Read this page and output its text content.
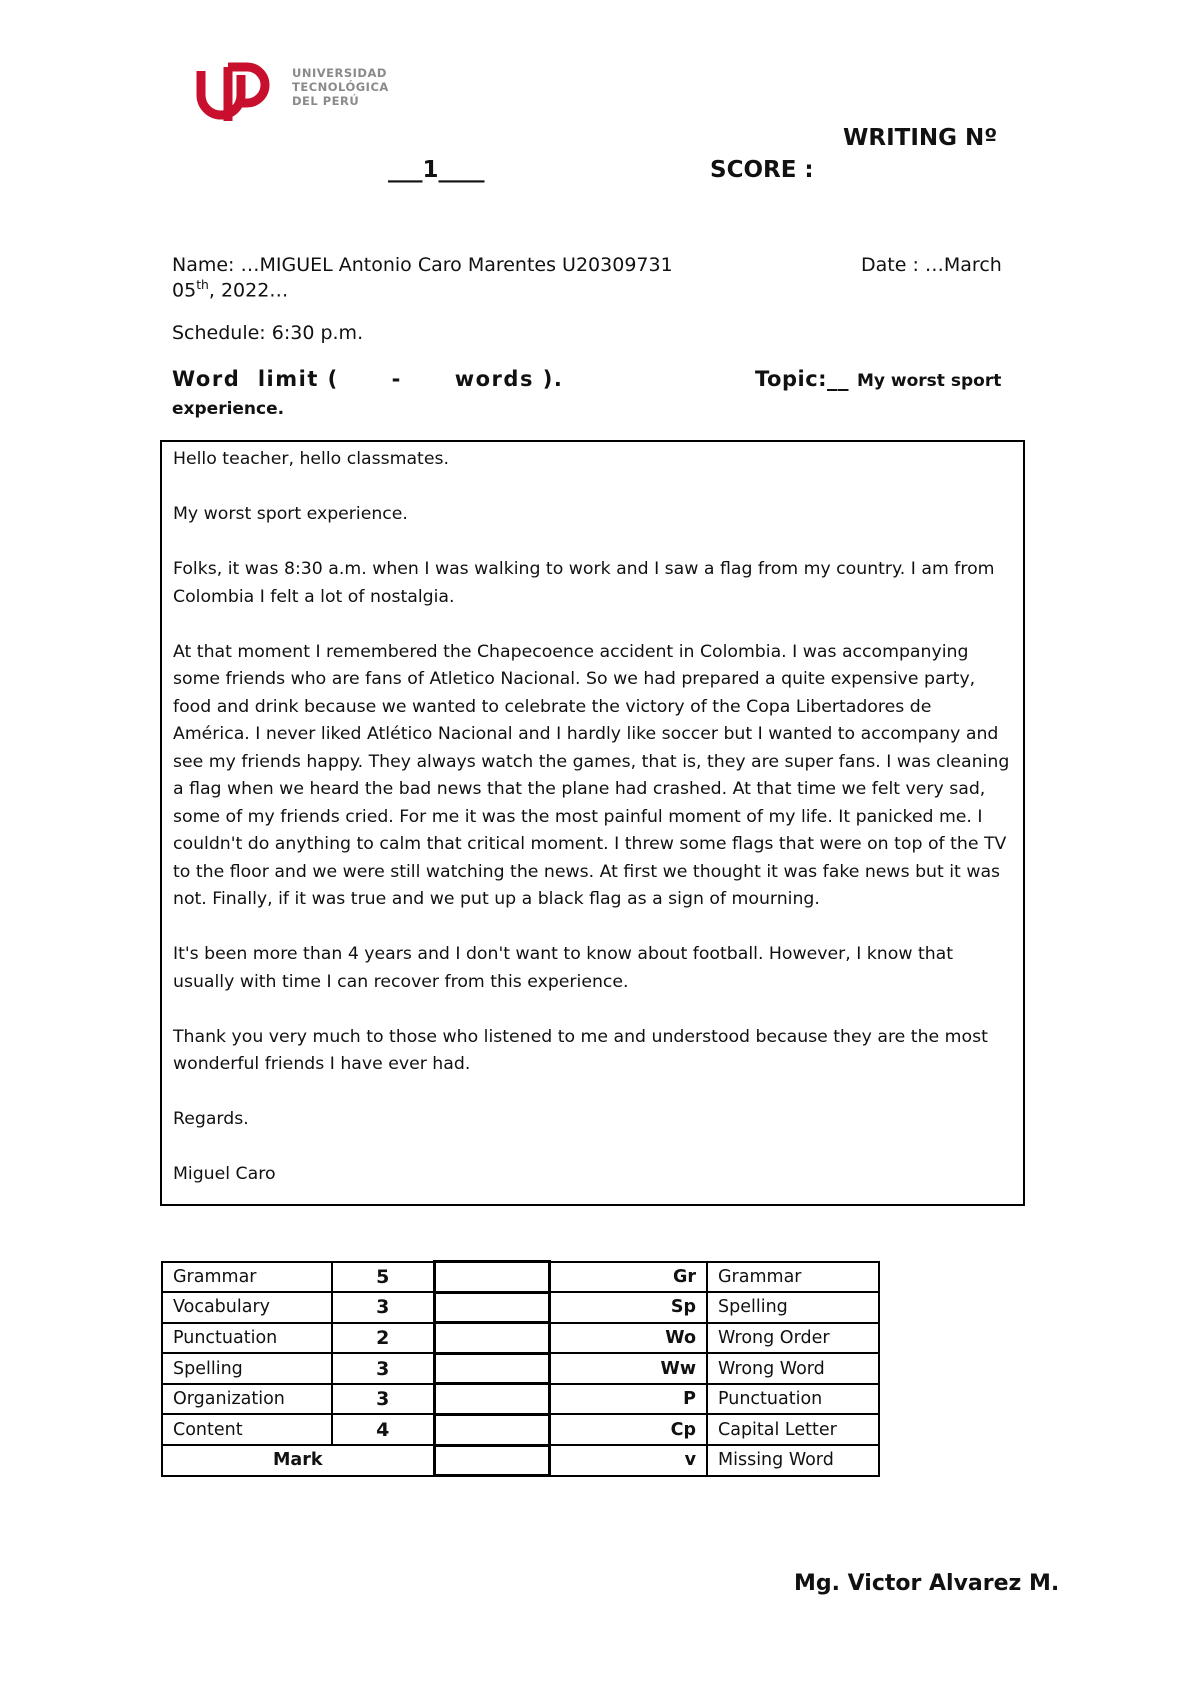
UNIVERSIDAD
TECNOLÓGICA
DEL PERÚ
WRITING Nº
___1____	SCORE :
Name: …MIGUEL Antonio Caro Marentes U20309731	Date : …March
05th, 2022…
Schedule: 6:30 p.m.
Word  limit (      -      words ).	Topic:__ My worst sport
experience.

Hello teacher, hello classmates.

My worst sport experience.

Folks, it was 8:30 a.m. when I was walking to work and I saw a flag from my country. I am from Colombia I felt a lot of nostalgia.

At that moment I remembered the Chapecoence accident in Colombia. I was accompanying some friends who are fans of Atletico Nacional. So we had prepared a quite expensive party, food and drink because we wanted to celebrate the victory of the Copa Libertadores de América. I never liked Atlético Nacional and I hardly like soccer but I wanted to accompany and see my friends happy. They always watch the games, that is, they are super fans. I was cleaning a flag when we heard the bad news that the plane had crashed. At that time we felt very sad, some of my friends cried. For me it was the most painful moment of my life. It panicked me. I couldn't do anything to calm that critical moment. I threw some flags that were on top of the TV to the floor and we were still watching the news. At first we thought it was fake news but it was not. Finally, if it was true and we put up a black flag as a sign of mourning.

It's been more than 4 years and I don't want to know about football. However, I know that usually with time I can recover from this experience.

Thank you very much to those who listened to me and understood because they are the most wonderful friends I have ever had.

Regards.

Miguel Caro

Grammar	5		Gr	Grammar
Vocabulary	3		Sp	Spelling
Punctuation	2		Wo	Wrong Order
Spelling	3		Ww	Wrong Word
Organization	3		P	Punctuation
Content	4		Cp	Capital Letter
Mark			v	Missing Word
Mg. Victor Alvarez M.
